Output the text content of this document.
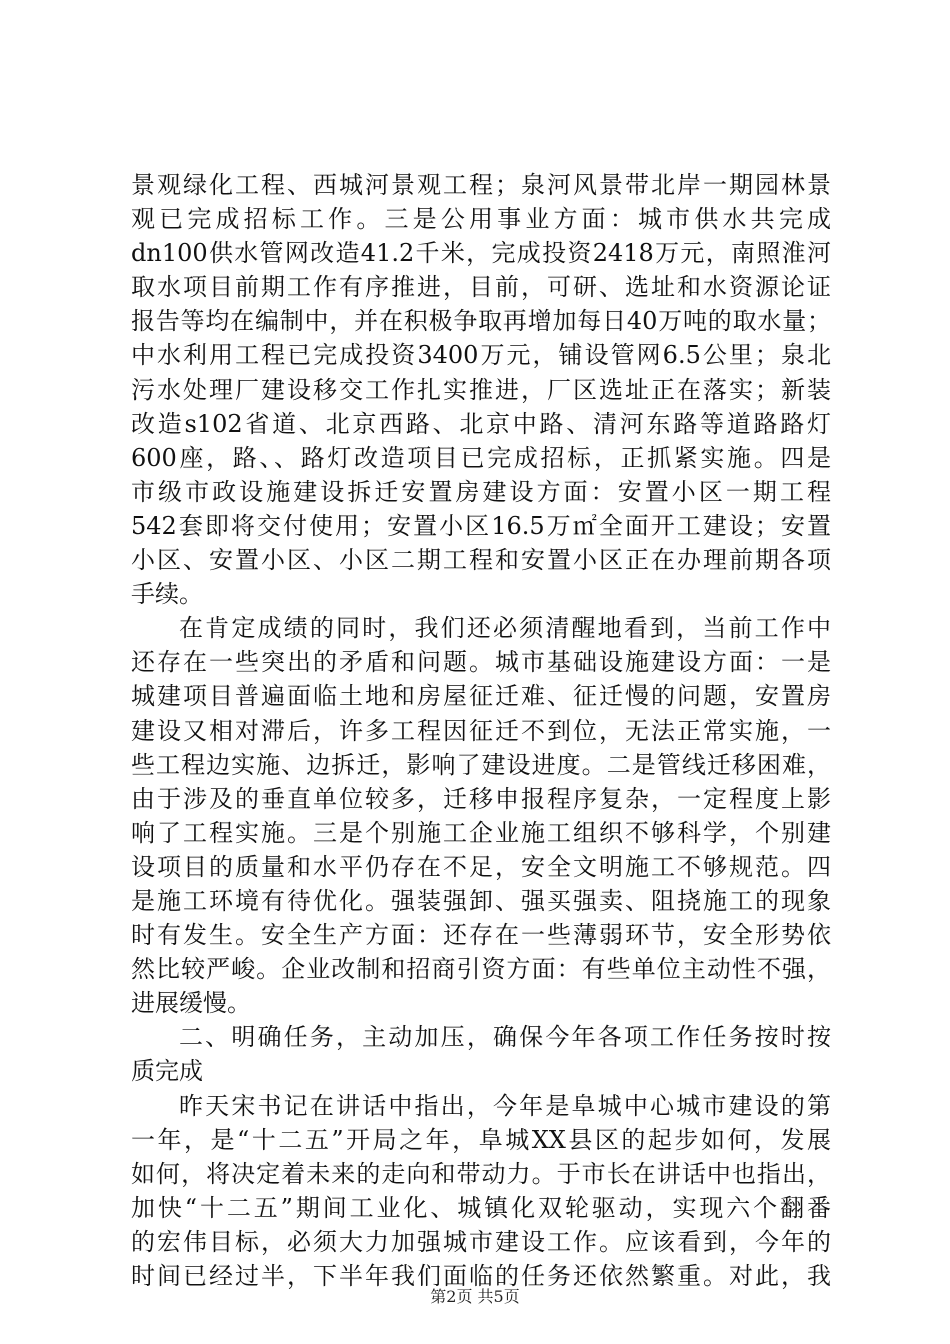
景观绿化工程、西城河景观工程；泉河风景带北岸一期园林景
观已完成招标工作。三是公用事业方面：城市供水共完成
dn100供水管网改造41.2千米，完成投资2418万元，南照淮河
取水项目前期工作有序推进，目前，可研、选址和水资源论证
报告等均在编制中，并在积极争取再增加每日40万吨的取水量；
中水利用工程已完成投资3400万元，铺设管网6.5公里；泉北
污水处理厂建设移交工作扎实推进，厂区选址正在落实；新装
改造s102省道、北京西路、北京中路、清河东路等道路路灯
600座，路、、路灯改造项目已完成招标，正抓紧实施。四是
市级市政设施建设拆迁安置房建设方面：安置小区一期工程
542套即将交付使用；安置小区16.5万㎡全面开工建设；安置
小区、安置小区、小区二期工程和安置小区正在办理前期各项
手续。
在肯定成绩的同时，我们还必须清醒地看到，当前工作中
还存在一些突出的矛盾和问题。城市基础设施建设方面：一是
城建项目普遍面临土地和房屋征迁难、征迁慢的问题，安置房
建设又相对滞后，许多工程因征迁不到位，无法正常实施，一
些工程边实施、边拆迁，影响了建设进度。二是管线迁移困难，
由于涉及的垂直单位较多，迁移申报程序复杂，一定程度上影
响了工程实施。三是个别施工企业施工组织不够科学，个别建
设项目的质量和水平仍存在不足，安全文明施工不够规范。四
是施工环境有待优化。强装强卸、强买强卖、阻挠施工的现象
时有发生。安全生产方面：还存在一些薄弱环节，安全形势依
然比较严峻。企业改制和招商引资方面：有些单位主动性不强，
进展缓慢。
二、明确任务，主动加压，确保今年各项工作任务按时按
质完成
昨天宋书记在讲话中指出，今年是阜城中心城市建设的第
一年，是“十二五”开局之年，阜城XX县区的起步如何，发展
如何，将决定着未来的走向和带动力。于市长在讲话中也指出，
加快“十二五”期间工业化、城镇化双轮驱动，实现六个翻番
的宏伟目标，必须大力加强城市建设工作。应该看到，今年的
时间已经过半，下半年我们面临的任务还依然繁重。对此，我
第2页 共5页
